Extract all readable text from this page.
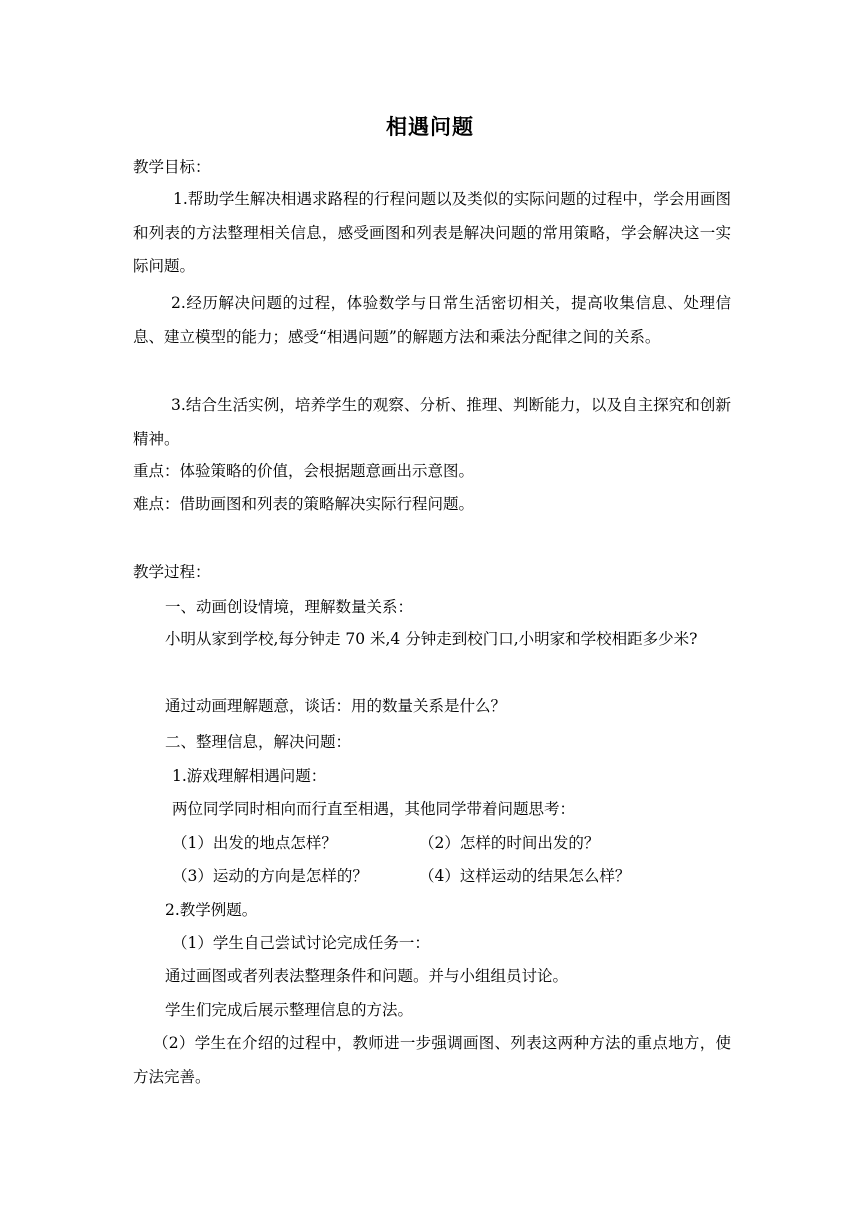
相遇问题
教学目标：
1.帮助学生解决相遇求路程的行程问题以及类似的实际问题的过程中，学会用画图和列表的方法整理相关信息，感受画图和列表是解决问题的常用策略，学会解决这一实际问题。
2.经历解决问题的过程，体验数学与日常生活密切相关，提高收集信息、处理信息、建立模型的能力；感受“相遇问题”的解题方法和乘法分配律之间的关系。
3.结合生活实例，培养学生的观察、分析、推理、判断能力，以及自主探究和创新精神。
重点：体验策略的价值，会根据题意画出示意图。
难点：借助画图和列表的策略解决实际行程问题。
教学过程：
一、动画创设情境，理解数量关系：
小明从家到学校,每分钟走 70 米,4 分钟走到校门口,小明家和学校相距多少米?
通过动画理解题意，谈话：用的数量关系是什么？
二、整理信息，解决问题：
1.游戏理解相遇问题：
两位同学同时相向而行直至相遇，其他同学带着问题思考：
（1）出发的地点怎样？	（2）怎样的时间出发的？
（3）运动的方向是怎样的？	（4）这样运动的结果怎么样？
2.教学例题。
（1）学生自己尝试讨论完成任务一：
通过画图或者列表法整理条件和问题。并与小组组员讨论。
学生们完成后展示整理信息的方法。
（2）学生在介绍的过程中，教师进一步强调画图、列表这两种方法的重点地方，使方法完善。
